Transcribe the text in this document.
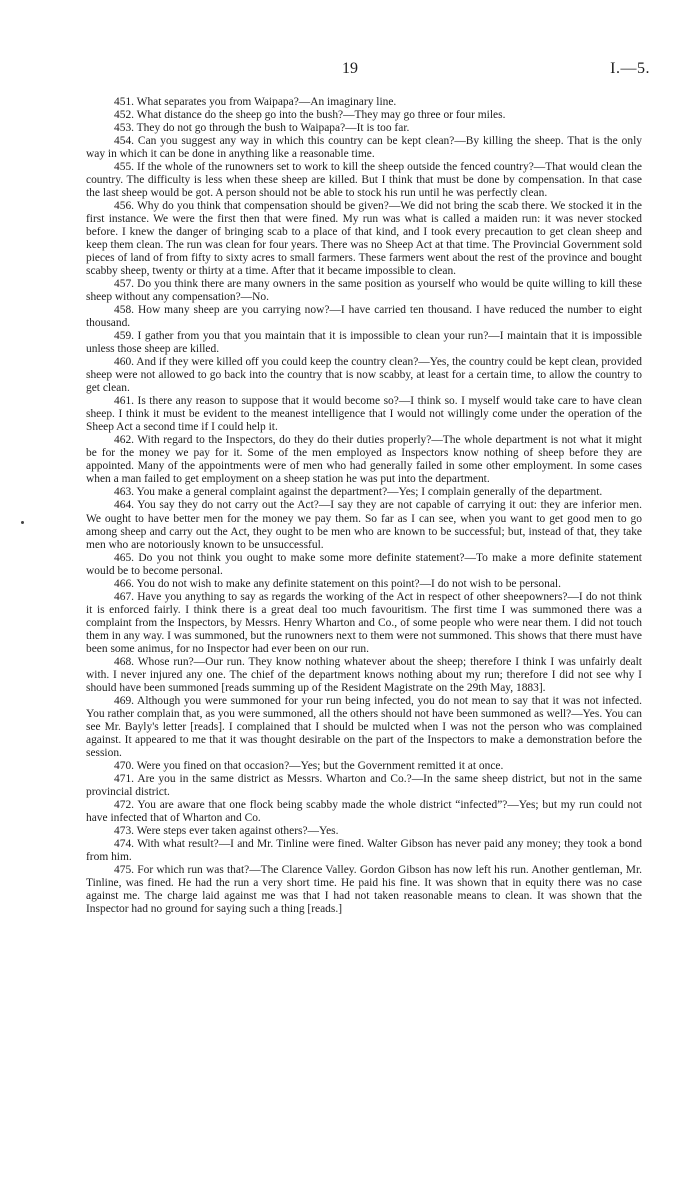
19	I.—5.

451. What separates you from Waipapa?—An imaginary line.

452. What distance do the sheep go into the bush?—They may go three or four miles.

453. They do not go through the bush to Waipapa?—It is too far.

454. Can you suggest any way in which this country can be kept clean?—By killing the sheep. That is the only way in which it can be done in anything like a reasonable time.

455. If the whole of the runowners set to work to kill the sheep outside the fenced country?—That would clean the country. The difficulty is less when these sheep are killed. But I think that must be done by compensation. In that case the last sheep would be got. A person should not be able to stock his run until he was perfectly clean.

456. Why do you think that compensation should be given?—We did not bring the scab there. We stocked it in the first instance. We were the first then that were fined. My run was what is called a maiden run: it was never stocked before. I knew the danger of bringing scab to a place of that kind, and I took every precaution to get clean sheep and keep them clean. The run was clean for four years. There was no Sheep Act at that time. The Provincial Government sold pieces of land of from fifty to sixty acres to small farmers. These farmers went about the rest of the province and bought scabby sheep, twenty or thirty at a time. After that it became impossible to clean.

457. Do you think there are many owners in the same position as yourself who would be quite willing to kill these sheep without any compensation?—No.

458. How many sheep are you carrying now?—I have carried ten thousand. I have reduced the number to eight thousand.

459. I gather from you that you maintain that it is impossible to clean your run?—I maintain that it is impossible unless those sheep are killed.

460. And if they were killed off you could keep the country clean?—Yes, the country could be kept clean, provided sheep were not allowed to go back into the country that is now scabby, at least for a certain time, to allow the country to get clean.

461. Is there any reason to suppose that it would become so?—I think so. I myself would take care to have clean sheep. I think it must be evident to the meanest intelligence that I would not willingly come under the operation of the Sheep Act a second time if I could help it.

462. With regard to the Inspectors, do they do their duties properly?—The whole department is not what it might be for the money we pay for it. Some of the men employed as Inspectors know nothing of sheep before they are appointed. Many of the appointments were of men who had generally failed in some other employment. In some cases when a man failed to get employment on a sheep station he was put into the department.

463. You make a general complaint against the department?—Yes; I complain generally of the department.

464. You say they do not carry out the Act?—I say they are not capable of carrying it out: they are inferior men. We ought to have better men for the money we pay them. So far as I can see, when you want to get good men to go among sheep and carry out the Act, they ought to be men who are known to be successful; but, instead of that, they take men who are notoriously known to be unsuccessful.

465. Do you not think you ought to make some more definite statement?—To make a more definite statement would be to become personal.

466. You do not wish to make any definite statement on this point?—I do not wish to be personal.

467. Have you anything to say as regards the working of the Act in respect of other sheepowners?—I do not think it is enforced fairly. I think there is a great deal too much favouritism. The first time I was summoned there was a complaint from the Inspectors, by Messrs. Henry Wharton and Co., of some people who were near them. I did not touch them in any way. I was summoned, but the runowners next to them were not summoned. This shows that there must have been some animus, for no Inspector had ever been on our run.

468. Whose run?—Our run. They know nothing whatever about the sheep; therefore I think I was unfairly dealt with. I never injured any one. The chief of the department knows nothing about my run; therefore I did not see why I should have been summoned [reads summing up of the Resident Magistrate on the 29th May, 1883].

469. Although you were summoned for your run being infected, you do not mean to say that it was not infected. You rather complain that, as you were summoned, all the others should not have been summoned as well?—Yes. You can see Mr. Bayly's letter [reads]. I complained that I should be mulcted when I was not the person who was complained against. It appeared to me that it was thought desirable on the part of the Inspectors to make a demonstration before the session.

470. Were you fined on that occasion?—Yes; but the Government remitted it at once.

471. Are you in the same district as Messrs. Wharton and Co.?—In the same sheep district, but not in the same provincial district.

472. You are aware that one flock being scabby made the whole district “infected”?—Yes; but my run could not have infected that of Wharton and Co.

473. Were steps ever taken against others?—Yes.

474. With what result?—I and Mr. Tinline were fined. Walter Gibson has never paid any money; they took a bond from him.

475. For which run was that?—The Clarence Valley. Gordon Gibson has now left his run. Another gentleman, Mr. Tinline, was fined. He had the run a very short time. He paid his fine. It was shown that in equity there was no case against me. The charge laid against me was that I had not taken reasonable means to clean. It was shown that the Inspector had no ground for saying such a thing [reads.]
